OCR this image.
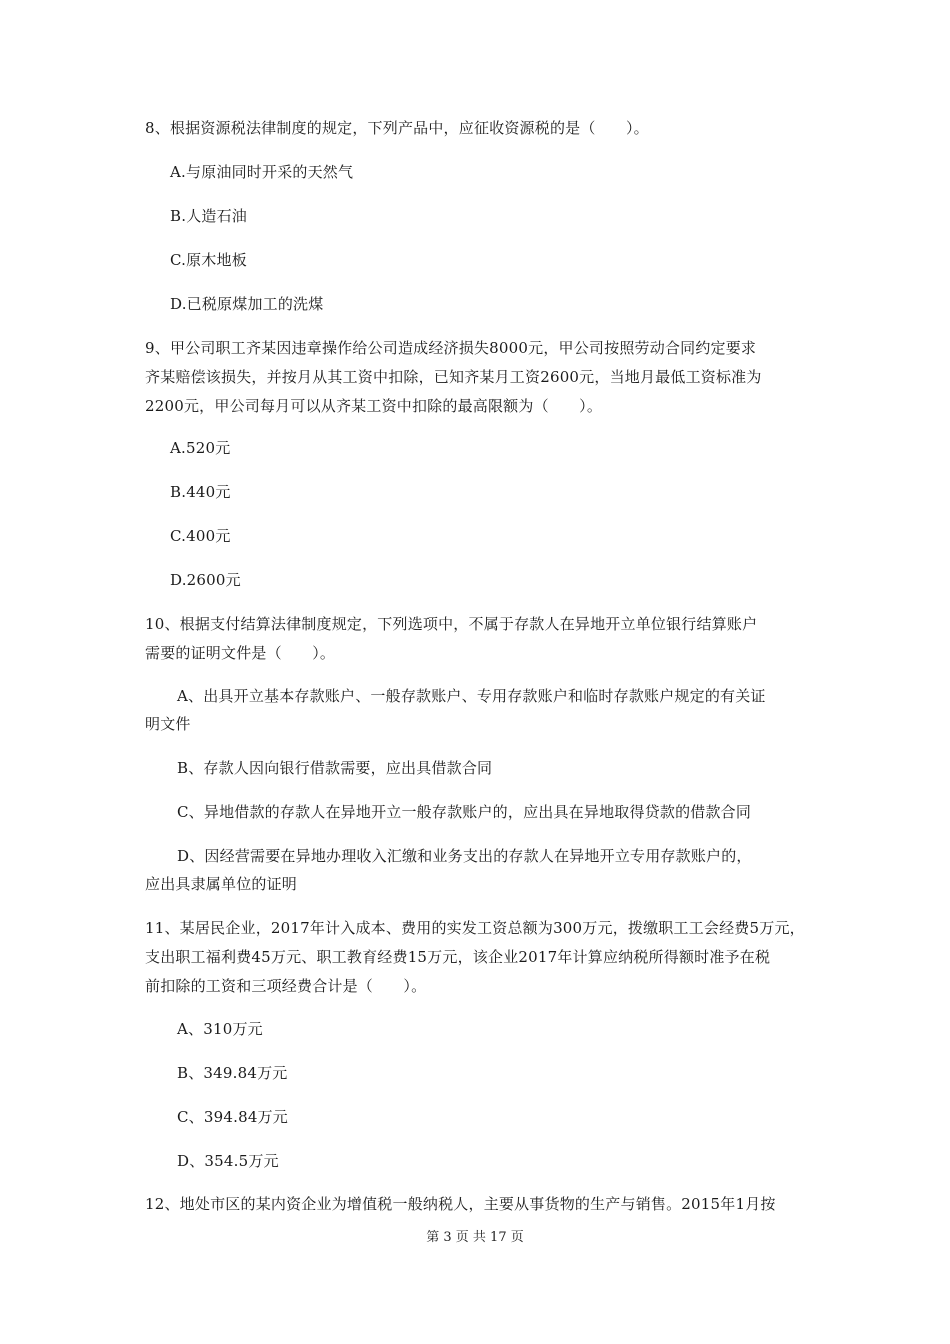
8、根据资源税法律制度的规定，下列产品中，应征收资源税的是（　　）。
A.与原油同时开采的天然气
B.人造石油
C.原木地板
D.已税原煤加工的洗煤
9、甲公司职工齐某因违章操作给公司造成经济损失8000元，甲公司按照劳动合同约定要求
齐某赔偿该损失，并按月从其工资中扣除，已知齐某月工资2600元，当地月最低工资标准为
2200元，甲公司每月可以从齐某工资中扣除的最高限额为（　　）。
A.520元
B.440元
C.400元
D.2600元
10、根据支付结算法律制度规定，下列选项中，不属于存款人在异地开立单位银行结算账户
需要的证明文件是（　　）。
A、出具开立基本存款账户、一般存款账户、专用存款账户和临时存款账户规定的有关证
明文件
B、存款人因向银行借款需要，应出具借款合同
C、异地借款的存款人在异地开立一般存款账户的，应出具在异地取得贷款的借款合同
D、因经营需要在异地办理收入汇缴和业务支出的存款人在异地开立专用存款账户的，
应出具隶属单位的证明
11、某居民企业，2017年计入成本、费用的实发工资总额为300万元，拨缴职工工会经费5万元，
支出职工福利费45万元、职工教育经费15万元，该企业2017年计算应纳税所得额时准予在税
前扣除的工资和三项经费合计是（　　）。
A、310万元
B、349.84万元
C、394.84万元
D、354.5万元
12、地处市区的某内资企业为增值税一般纳税人，主要从事货物的生产与销售。2015年1月按
第 3 页 共 17 页
